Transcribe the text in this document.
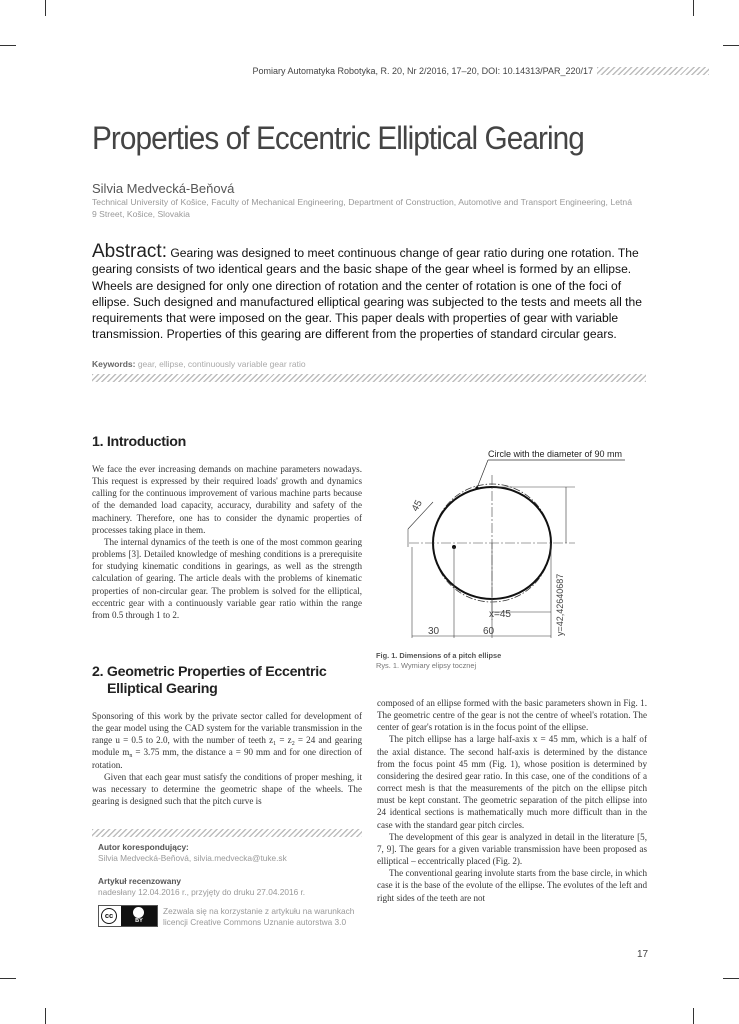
Pomiary Automatyka Robotyka, R. 20, Nr 2/2016, 17–20, DOI: 10.14313/PAR_220/17
Properties of Eccentric Elliptical Gearing
Silvia Medvecká-Beňová
Technical University of Košice, Faculty of Mechanical Engineering, Department of Construction, Automotive and Transport Engineering, Letná 9 Street, Košice, Slovakia
Abstract: Gearing was designed to meet continuous change of gear ratio during one rotation. The gearing consists of two identical gears and the basic shape of the gear wheel is formed by an ellipse. Wheels are designed for only one direction of rotation and the center of rotation is one of the foci of ellipse. Such designed and manufactured elliptical gearing was subjected to the tests and meets all the requirements that were imposed on the gear. This paper deals with properties of gear with variable transmission. Properties of this gearing are different from the properties of standard circular gears.
Keywords: gear, ellipse, continuously variable gear ratio
1. Introduction

We face the ever increasing demands on machine parameters nowadays. This request is expressed by their required loads' growth and dynamics calling for the continuous improvement of various machine parts because of the demanded load capacity, accuracy, durability and safety of the machinery. Therefore, one has to consider the dynamic properties of processes taking place in them.

The internal dynamics of the teeth is one of the most common gearing problems [3]. Detailed knowledge of meshing conditions is a prerequisite for studying kinematic conditions in gearings, as well as the strength calculation of gearing. The article deals with the problems of kinematic properties of non-circular gear. The problem is solved for the elliptical, eccentric gear with a continuously variable gear ratio within the range from 0.5 through 1 to 2.

2. Geometric Properties of Eccentric
Elliptical Gearing

Sponsoring of this work by the private sector called for development of the gear model using the CAD system for the variable transmission in the range u = 0.5 to 2.0, with the number of teeth $z_1 = z_2 = 24$ and gearing module $m_n = 3.75$ mm, the distance a = 90 mm and for one direction of rotation.

Given that each gear must satisfy the conditions of proper meshing, it was necessary to determine the geometric shape of the wheels. The gearing is designed such that the pitch curve is

Autor korespondujący:
Silvia Medvecká-Beňová, silvia.medvecka@tuke.sk
Artykuł recenzowany
nadesłany 12.04.2016 r., przyjęty do druku 27.04.2016 r.
cc
BY
Zezwala się na korzystanie z artykułu na warunkach licencji Creative Commons Uznanie autorstwa 3.0
Circle with the diameter of 90 mm
x=45	y=42,42640687
30	60
45
Fig. 1. Dimensions of a pitch ellipse
Rys. 1. Wymiary elipsy tocznej

composed of an ellipse formed with the basic parameters shown in Fig. 1. The geometric centre of the gear is not the centre of wheel's rotation. The center of gear's rotation is in the focus point of the ellipse.

The pitch ellipse has a large half-axis x = 45 mm, which is a half of the axial distance. The second half-axis is determined by the distance from the focus point 45 mm (Fig. 1), whose position is determined by considering the desired gear ratio. In this case, one of the conditions of a correct mesh is that the measurements of the pitch on the ellipse pitch must be kept constant. The geometric separation of the pitch ellipse into 24 identical sections is mathematically much more difficult than in the case with the standard gear pitch circles.

The development of this gear is analyzed in detail in the literature [5, 7, 9]. The gears for a given variable transmission have been proposed as elliptical – eccentrically placed (Fig. 2).

The conventional gearing involute starts from the base circle, in which case it is the base of the evolute of the ellipse. The evolutes of the left and right sides of the teeth are not

17
